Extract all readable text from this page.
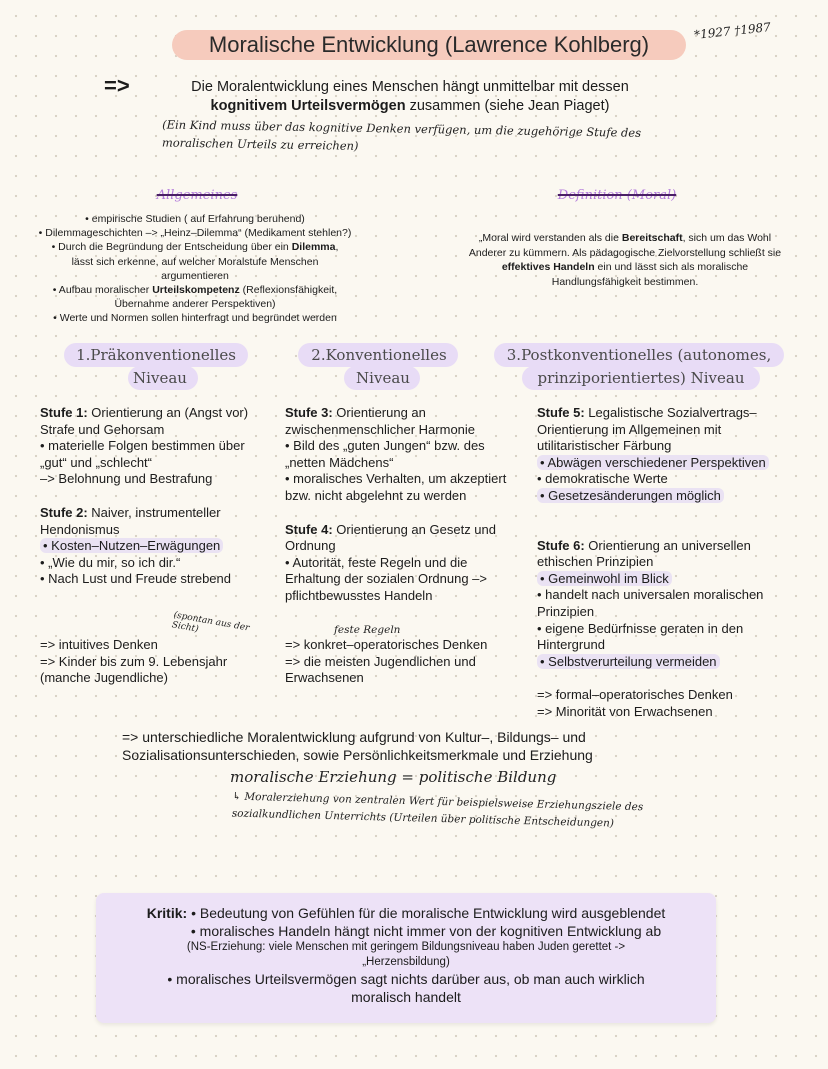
Moralische Entwicklung (Lawrence Kohlberg)
*1927 †1987
=>	Die Moralentwicklung eines Menschen hängt unmittelbar mit dessen
kognitivem Urteilsvermögen zusammen (siehe Jean Piaget)
(Ein Kind muss über das kognitive Denken verfügen, um die zugehörige Stufe des moralischen Urteils zu erreichen)
Allgemeines
• empirische Studien ( auf Erfahrung beruhend)
• Dilemmageschichten –> „Heinz–Dilemma“ (Medikament stehlen?)
• Durch die Begründung der Entscheidung über ein Dilemma, lässt sich erkenne, auf welcher Moralstufe Menschen argumentieren
• Aufbau moralischer Urteilskompetenz (Reflexionsfähigkeit, Übernahme anderer Perspektiven)
• Werte und Normen sollen hinterfragt und begründet werden
Definition (Moral)
„Moral wird verstanden als die Bereitschaft, sich um das Wohl Anderer zu kümmern. Als pädagogische Zielvorstellung schließt sie effektives Handeln ein und lässt sich als moralische Handlungsfähigkeit bestimmen.
1.Präkonventionelles
Niveau
2.Konventionelles
Niveau
3.Postkonventionelles (autonomes,
prinziporientiertes) Niveau

Stufe 1: Orientierung an (Angst vor) Strafe und Gehorsam

• materielle Folgen bestimmen über „gut“ und „schlecht“

–> Belohnung und Bestrafung

Stufe 2: Naiver, instrumenteller Hendonismus

• Kosten–Nutzen–Erwägungen

• „Wie du mir, so ich dir.“

• Nach Lust und Freude strebend

(spontan aus der Sicht)

=> intuitives Denken

=> Kinder bis zum 9. Lebensjahr (manche Jugendliche)

Stufe 3: Orientierung an zwischenmenschlicher Harmonie

• Bild des „guten Jungen“ bzw. des „netten Mädchens“

• moralisches Verhalten, um akzeptiert bzw. nicht abgelehnt zu werden

Stufe 4: Orientierung an Gesetz und Ordnung

• Autorität, feste Regeln und die Erhaltung der sozialen Ordnung –> pflichtbewusstes Handeln

feste Regeln

=> konkret–operatorisches Denken

=> die meisten Jugendlichen und Erwachsenen

Stufe 5: Legalistische Sozialvertrags–Orientierung im Allgemeinen mit utilitaristischer Färbung

• Abwägen verschiedener Perspektiven

• demokratische Werte

• Gesetzesänderungen möglich

Stufe 6: Orientierung an universellen ethischen Prinzipien

• Gemeinwohl im Blick

• handelt nach universalen moralischen Prinzipien

• eigene Bedürfnisse geraten in den Hintergrund

• Selbstverurteilung vermeiden

=> formal–operatorisches Denken

=> Minorität von Erwachsenen

=> unterschiedliche Moralentwicklung aufgrund von Kultur–, Bildungs– und Sozialisationsunterschieden, sowie Persönlichkeitsmerkmale und Erziehung
moralische Erziehung = politische Bildung
↳ Moralerziehung von zentralen Wert für beispielsweise Erziehungsziele des sozialkundlichen Unterrichts (Urteilen über politische Entscheidungen)
Kritik: • Bedeutung von Gefühlen für die moralische Entwicklung wird ausgeblendet
• moralisches Handeln hängt nicht immer von der kognitiven Entwicklung ab
(NS-Erziehung: viele Menschen mit geringem Bildungsniveau haben Juden gerettet -> „Herzensbildung)
• moralisches Urteilsvermögen sagt nichts darüber aus, ob man auch wirklich moralisch handelt
